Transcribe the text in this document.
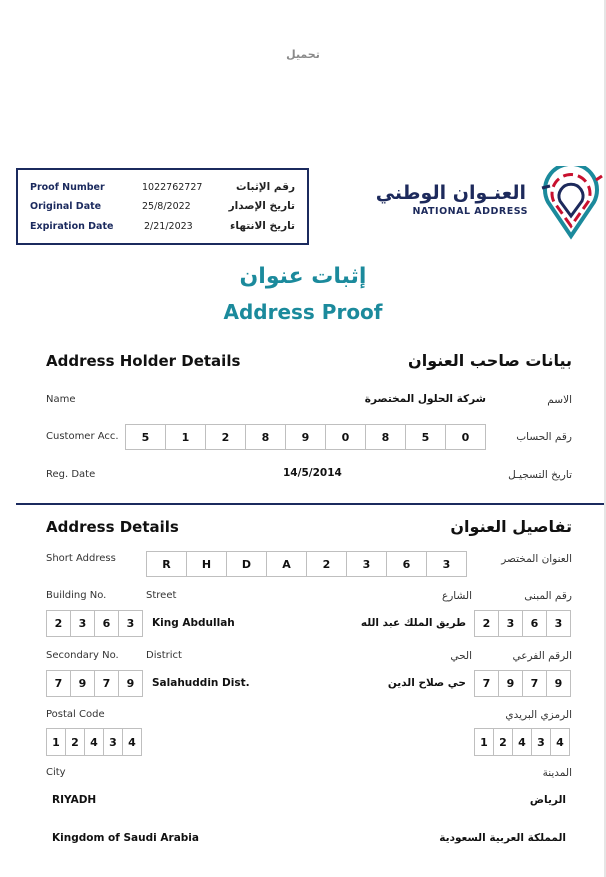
تحميل
Proof Number	1022762727	رقم الإثبات
Original Date	25/8/2022	تاريخ الإصدار
Expiration Date	2/21/2023	تاريخ الانتهاء
العنـوان الوطني
NATIONAL ADDRESS
إثبات عنوان
Address Proof
Address Holder Details	بيانات صاحب العنوان
Name	شركة الحلول المختصرة	الاسم
Customer Acc.	5	1	2	8	9	0	8	5	0	رقم الحساب
Reg. Date	14/5/2014	تاريخ التسجيـل
Address Details	تفاصيل العنوان
Short Address	R	H	D	A	2	3	6	3	العنوان المختصر
Building No.	Street	الشارع	رقم المبنى
2	3	6	3	King Abdullah	طريق الملك عبد الله	2	3	6	3
Secondary No.	District	الحي	الرقم الفرعي
7	9	7	9	Salahuddin Dist.	حي صلاح الدين	7	9	7	9
Postal Code	الرمزي البريدي
1	2	4	3	4	1	2	4	3	4
City	المدينة
RIYADH	الرياض
Kingdom of Saudi Arabia	المملكة العربية السعودية
